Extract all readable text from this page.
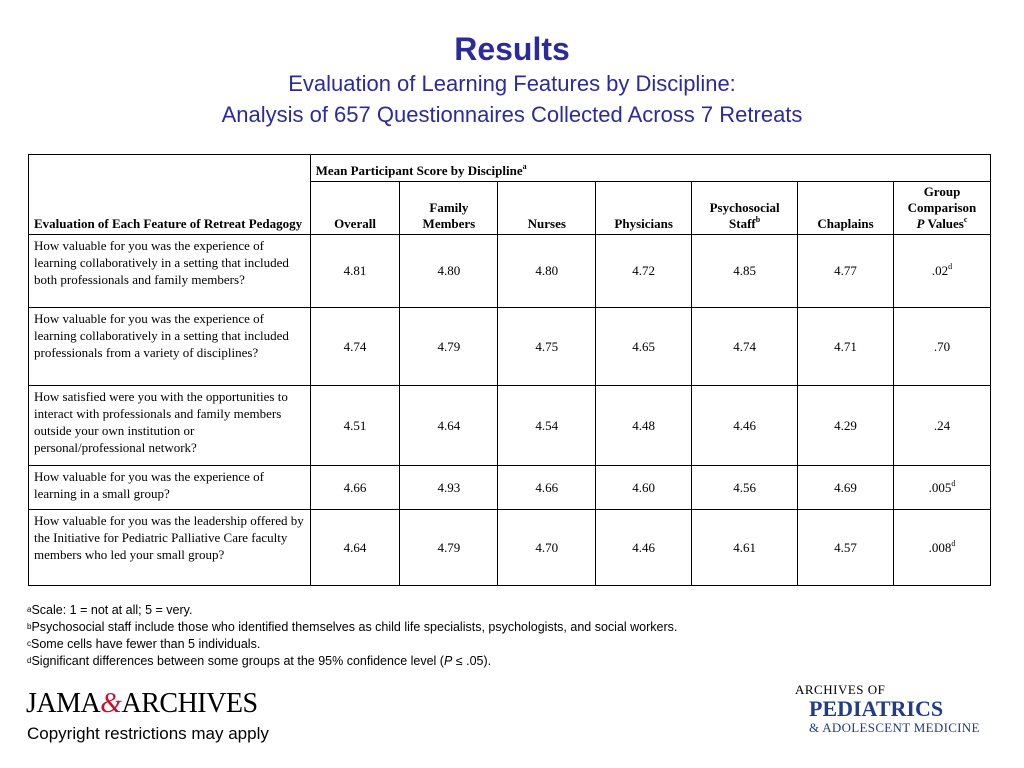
Results
Evaluation of Learning Features by Discipline:
Analysis of 657 Questionnaires Collected Across 7 Retreats
Evaluation of Each Feature of Retreat Pedagogy	Mean Participant Score by Discipline$^a$
	Overall	Family Members	Nurses	Physicians	Psychosocial Staff$^b$	Chaplains	Group Comparison
P Values$^c$
How valuable for you was the experience of learning collaboratively in a setting that included both professionals and family members?	4.81	4.80	4.80	4.72	4.85	4.77	.02$^d$
How valuable for you was the experience of learning collaboratively in a setting that included professionals from a variety of disciplines?	4.74	4.79	4.75	4.65	4.74	4.71	.70
How satisfied were you with the opportunities to interact with professionals and family members outside your own institution or personal/professional network?	4.51	4.64	4.54	4.48	4.46	4.29	.24
How valuable for you was the experience of learning in a small group?	4.66	4.93	4.66	4.60	4.56	4.69	.005$^d$
How valuable for you was the leadership offered by the Initiative for Pediatric Palliative Care faculty members who led your small group?	4.64	4.79	4.70	4.46	4.61	4.57	.008$^d$
$^a$Scale: 1 = not at all; 5 = very.
$^b$Psychosocial staff include those who identified themselves as child life specialists, psychologists, and social workers.
$^c$Some cells have fewer than 5 individuals.
$^d$Significant differences between some groups at the 95% confidence level (P ≤ .05).
JAMA&ARCHIVES
Copyright restrictions may apply
ARCHIVES OF
PEDIATRICS
& ADOLESCENT MEDICINE
